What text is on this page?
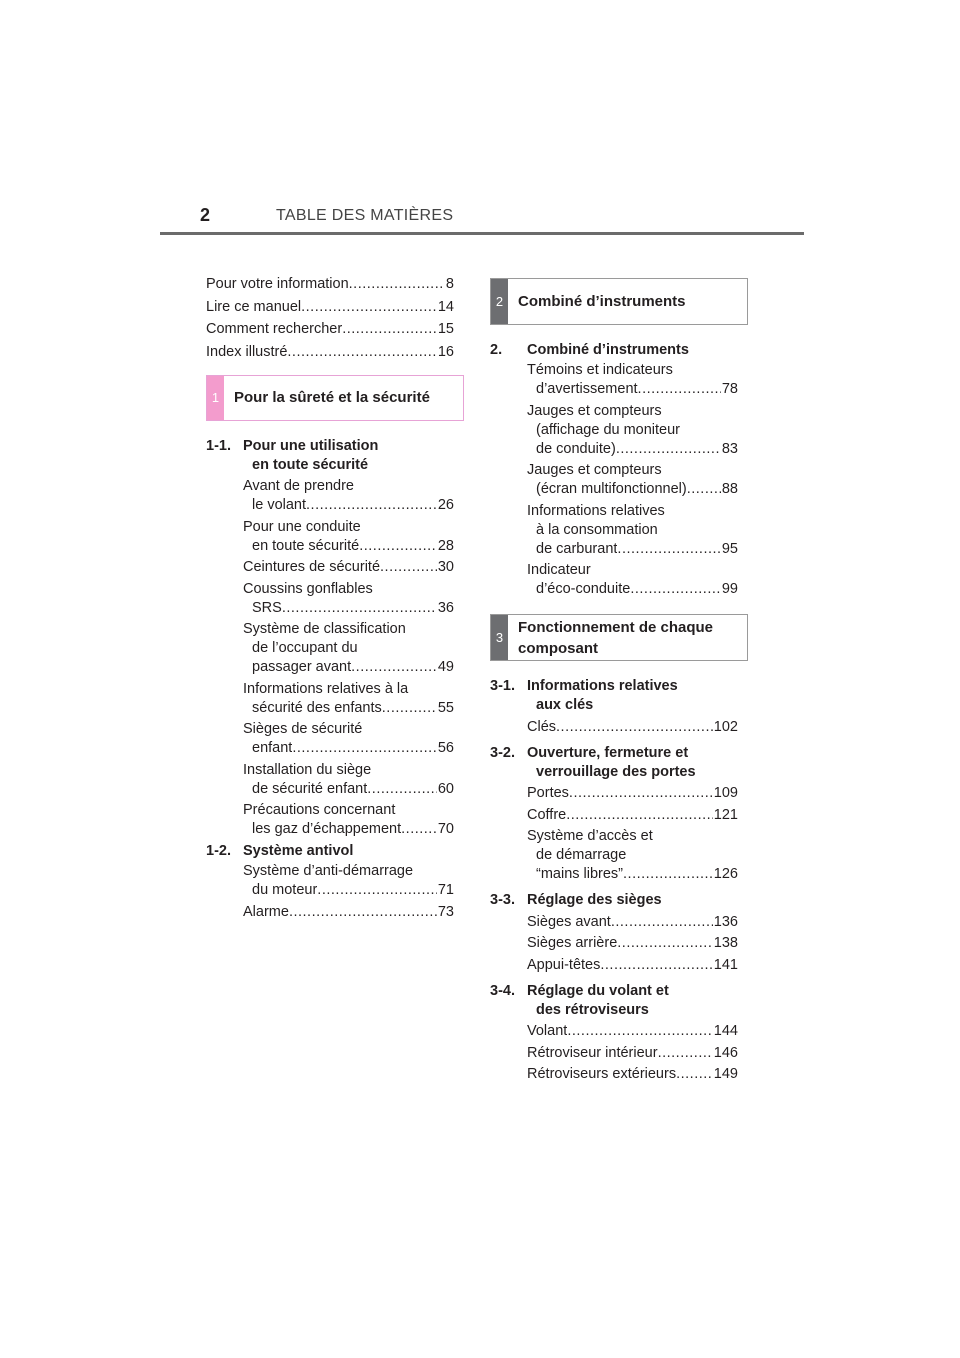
2	TABLE DES MATIÈRES
Pour votre information .....	8
Lire ce manuel .....	14
Comment rechercher .....	15
Index illustré .....	16
1 Pour la sûreté et la sécurité
1-1. Pour une utilisation
en toute sécurité
Avant de prendre
le volant .....	26
Pour une conduite
en toute sécurité .....	28
Ceintures de sécurité .....	30
Coussins gonflables
SRS .....	36
Système de classification
de l’occupant du
passager avant .....	49
Informations relatives à la
sécurité des enfants .....	55
Sièges de sécurité
enfant .....	56
Installation du siège
de sécurité enfant .....	60
Précautions concernant
les gaz d’échappement .....	70
1-2. Système antivol
Système d’anti-démarrage
du moteur .....	71
Alarme .....	73
2 Combiné d’instruments
2.	Combiné d’instruments
Témoins et indicateurs
d’avertissement .....	78
Jauges et compteurs
(affichage du moniteur
de conduite) .....	83
Jauges et compteurs
(écran multifonctionnel) ..... 88
Informations relatives
à la consommation
de carburant .....	95
Indicateur
d’éco-conduite .....	99
3
Fonctionnement de chaque
composant
3-1. Informations relatives
aux clés
Clés .....	102
3-2. Ouverture, fermeture et
verrouillage des portes
Portes .....	109
Coffre .....	121
Système d’accès et
de démarrage
“mains libres” .....	126
3-3. Réglage des sièges
Sièges avant .....	136
Sièges arrière .....	138
Appui-têtes .....	141
3-4. Réglage du volant et
des rétroviseurs
Volant .....	144
Rétroviseur intérieur .....	146
Rétroviseurs extérieurs .....	149
